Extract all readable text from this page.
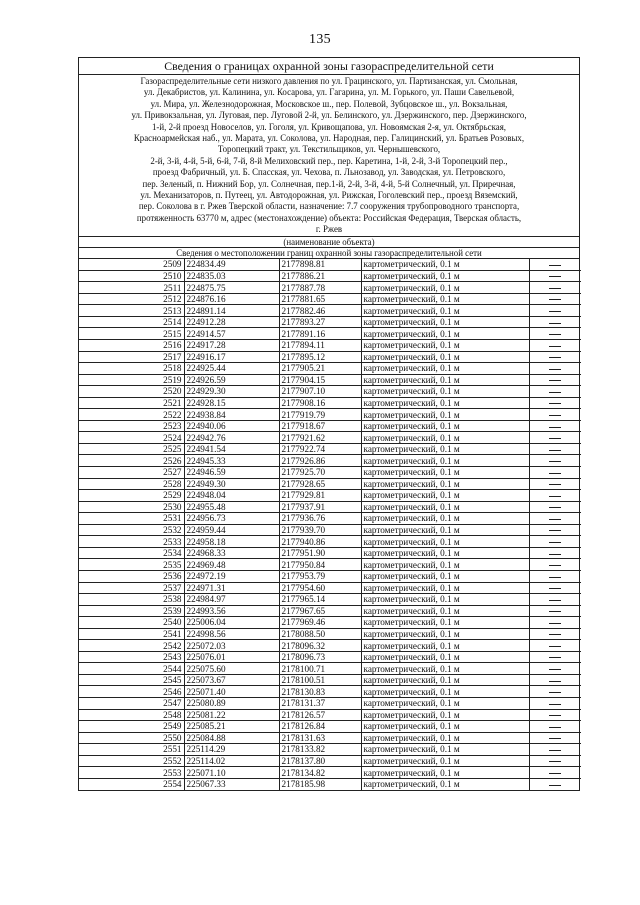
135
Сведения о границах охранной зоны газораспределительной сети
Газораспределительные сети низкого давления по ул. Грацинского, ул. Партизанская, ул. Смольная,
ул. Декабристов, ул. Калинина, ул. Косарова, ул. Гагарина, ул. М. Горького, ул. Паши Савельевой,
ул. Мира, ул. Железнодорожная, Московское ш., пер. Полевой, Зубцовское ш., ул. Вокзальная,
ул. Привокзальная, ул. Луговая, пер. Луговой 2-й, ул. Белинского, ул. Дзержинского, пер. Дзержинского,
1-й, 2-й проезд Новоселов, ул. Гоголя, ул. Кривощапова, ул. Новоямская 2-я, ул. Октябрьская,
Красноармейская наб., ул. Марата, ул. Соколова, ул. Народная, пер. Галицинский, ул. Братьев Розовых,
Торопецкий тракт, ул. Текстильщиков, ул. Чернышевского,
2-й, 3-й, 4-й, 5-й, 6-й, 7-й, 8-й Мелиховский пер., пер. Каретина, 1-й, 2-й, 3-й Торопецкий пер.,
проезд Фабричный, ул. Б. Спасская, ул. Чехова, п. Льнозавод, ул. Заводская, ул. Петровского,
пер. Зеленый, п. Нижний Бор, ул. Солнечная, пер.1-й, 2-й, 3-й, 4-й, 5-й Солнечный, ул. Приречная,
ул. Механизаторов, п. Путеец, ул. Автодорожная, ул. Рижская, Гоголевский пер., проезд Вяземский,
пер. Соколова в г. Ржев Тверской области, назначение: 7.7 сооружения трубопроводного транспорта,
протяженность 63770 м, адрес (местонахождение) объекта: Российская Федерация, Тверская область,
г. Ржев
(наименование объекта)
Сведения о местоположении границ охранной зоны газораспределительной сети
2509	224834.49	2177898.81	картометрический, 0.1 м	
2510	224835.03	2177886.21	картометрический, 0.1 м	
2511	224875.75	2177887.78	картометрический, 0.1 м	
2512	224876.16	2177881.65	картометрический, 0.1 м	
2513	224891.14	2177882.46	картометрический, 0.1 м	
2514	224912.28	2177893.27	картометрический, 0.1 м	
2515	224914.57	2177891.16	картометрический, 0.1 м	
2516	224917.28	2177894.11	картометрический, 0.1 м	
2517	224916.17	2177895.12	картометрический, 0.1 м	
2518	224925.44	2177905.21	картометрический, 0.1 м	
2519	224926.59	2177904.15	картометрический, 0.1 м	
2520	224929.30	2177907.10	картометрический, 0.1 м	
2521	224928.15	2177908.16	картометрический, 0.1 м	
2522	224938.84	2177919.79	картометрический, 0.1 м	
2523	224940.06	2177918.67	картометрический, 0.1 м	
2524	224942.76	2177921.62	картометрический, 0.1 м	
2525	224941.54	2177922.74	картометрический, 0.1 м	
2526	224945.33	2177926.86	картометрический, 0.1 м	
2527	224946.59	2177925.70	картометрический, 0.1 м	
2528	224949.30	2177928.65	картометрический, 0.1 м	
2529	224948.04	2177929.81	картометрический, 0.1 м	
2530	224955.48	2177937.91	картометрический, 0.1 м	
2531	224956.73	2177936.76	картометрический, 0.1 м	
2532	224959.44	2177939.70	картометрический, 0.1 м	
2533	224958.18	2177940.86	картометрический, 0.1 м	
2534	224968.33	2177951.90	картометрический, 0.1 м	
2535	224969.48	2177950.84	картометрический, 0.1 м	
2536	224972.19	2177953.79	картометрический, 0.1 м	
2537	224971.31	2177954.60	картометрический, 0.1 м	
2538	224984.97	2177965.14	картометрический, 0.1 м	
2539	224993.56	2177967.65	картометрический, 0.1 м	
2540	225006.04	2177969.46	картометрический, 0.1 м	
2541	224998.56	2178088.50	картометрический, 0.1 м	
2542	225072.03	2178096.32	картометрический, 0.1 м	
2543	225076.01	2178096.73	картометрический, 0.1 м	
2544	225075.60	2178100.71	картометрический, 0.1 м	
2545	225073.67	2178100.51	картометрический, 0.1 м	
2546	225071.40	2178130.83	картометрический, 0.1 м	
2547	225080.89	2178131.37	картометрический, 0.1 м	
2548	225081.22	2178126.57	картометрический, 0.1 м	
2549	225085.21	2178126.84	картометрический, 0.1 м	
2550	225084.88	2178131.63	картометрический, 0.1 м	
2551	225114.29	2178133.82	картометрический, 0.1 м	
2552	225114.02	2178137.80	картометрический, 0.1 м	
2553	225071.10	2178134.82	картометрический, 0.1 м	
2554	225067.33	2178185.98	картометрический, 0.1 м	
